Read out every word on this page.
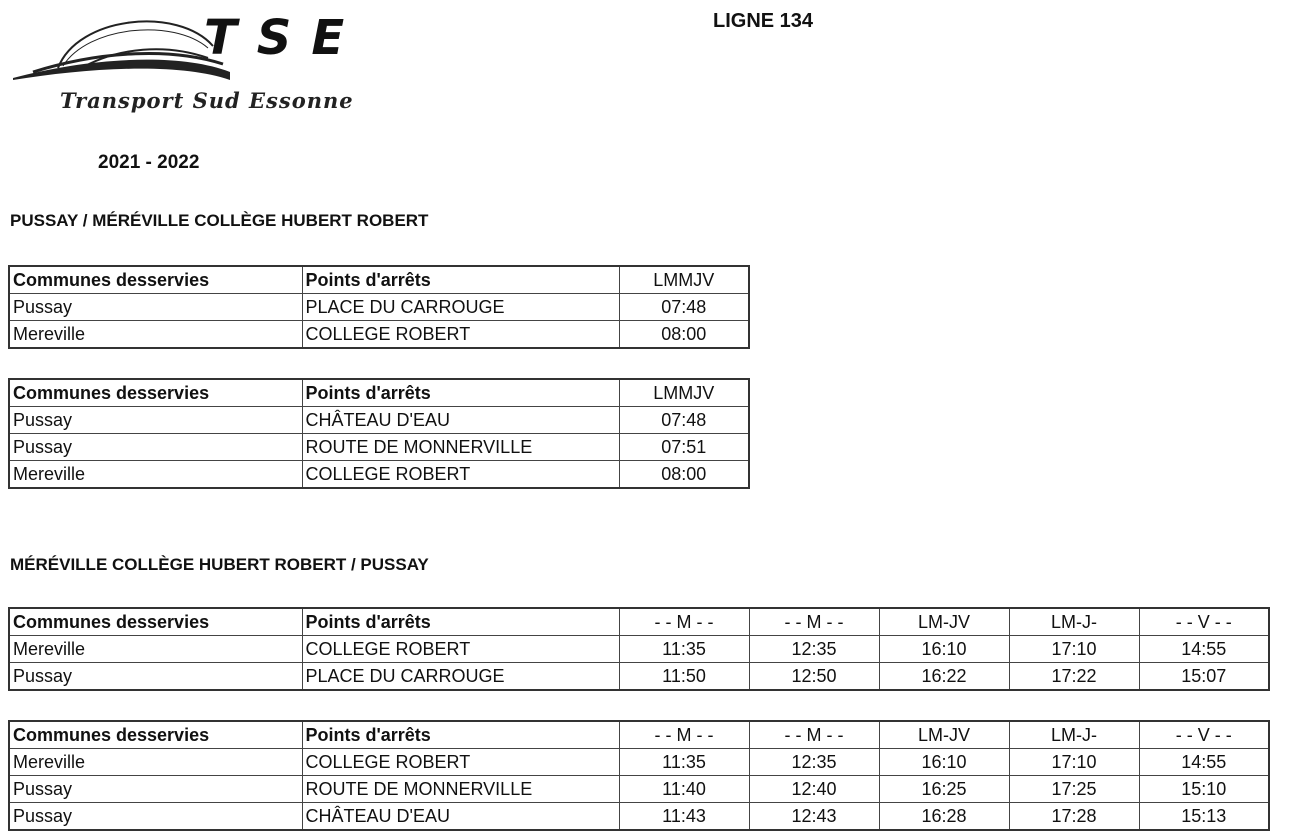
TSE
Transport Sud Essonne
LIGNE 134
2021 - 2022
PUSSAY / MÉRÉVILLE COLLÈGE HUBERT ROBERT
Communes desservies	Points d'arrêts	LMMJV
Pussay	PLACE DU CARROUGE	07:48
Mereville	COLLEGE ROBERT	08:00
Communes desservies	Points d'arrêts	LMMJV
Pussay	CHÂTEAU D'EAU	07:48
Pussay	ROUTE DE MONNERVILLE	07:51
Mereville	COLLEGE ROBERT	08:00
MÉRÉVILLE COLLÈGE HUBERT ROBERT / PUSSAY
Communes desservies	Points d'arrêts	- - M - -	- - M - -	LM-JV	LM-J-	- - V - -
Mereville	COLLEGE ROBERT	11:35	12:35	16:10	17:10	14:55
Pussay	PLACE DU CARROUGE	11:50	12:50	16:22	17:22	15:07
Communes desservies	Points d'arrêts	- - M - -	- - M - -	LM-JV	LM-J-	- - V - -
Mereville	COLLEGE ROBERT	11:35	12:35	16:10	17:10	14:55
Pussay	ROUTE DE MONNERVILLE	11:40	12:40	16:25	17:25	15:10
Pussay	CHÂTEAU D'EAU	11:43	12:43	16:28	17:28	15:13
